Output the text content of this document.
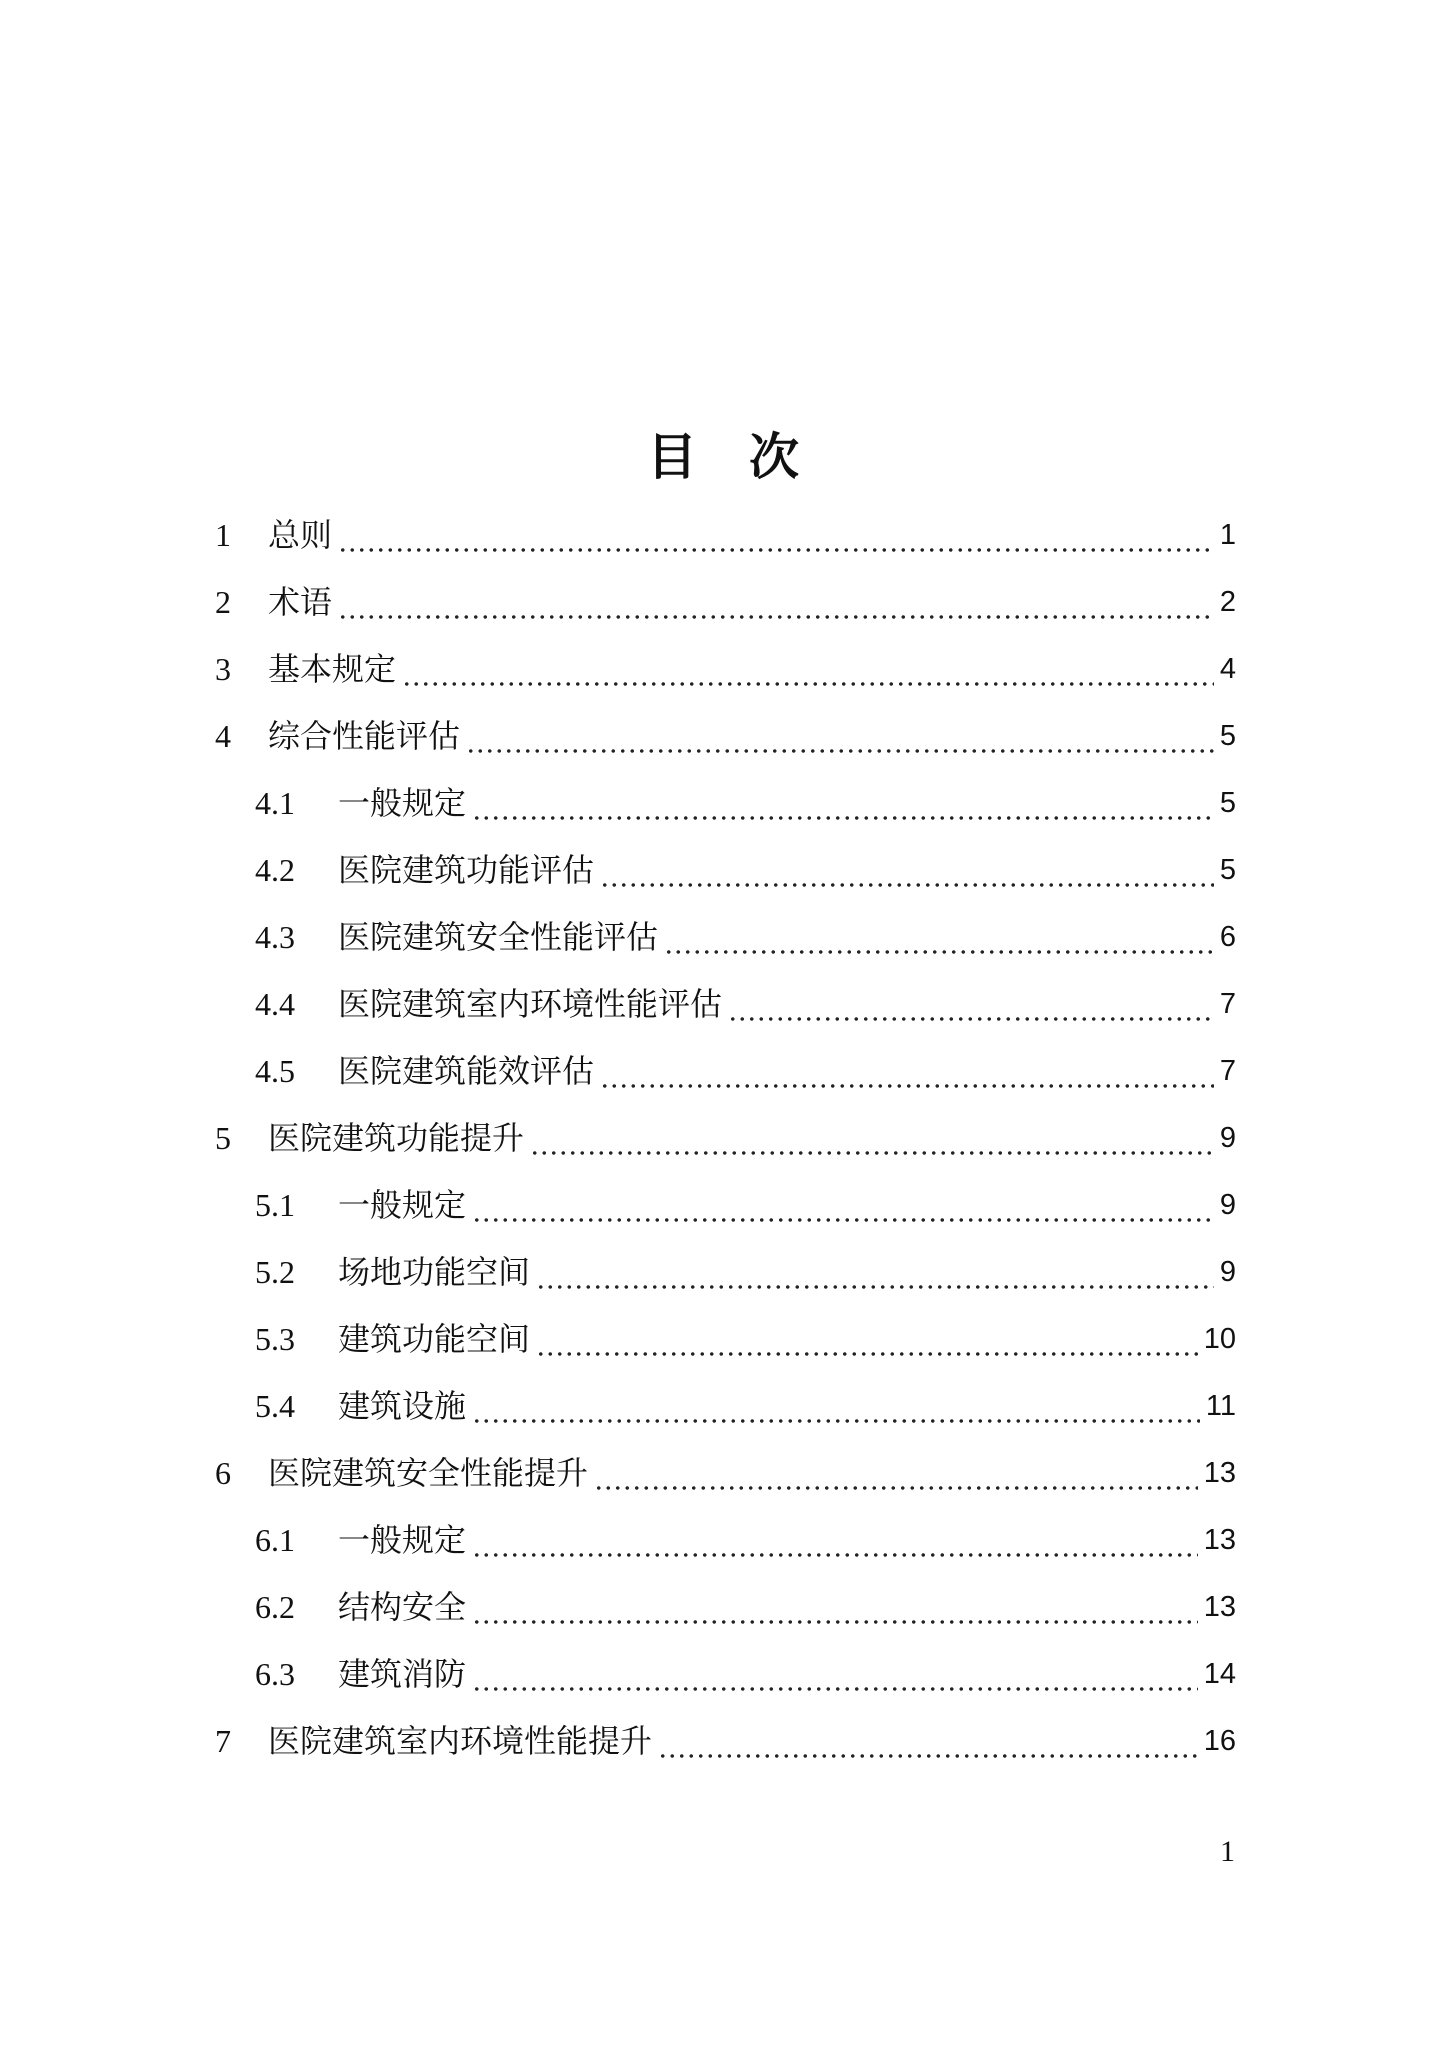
目次
1	总则	1
2	术语	2
3	基本规定	4
4	综合性能评估	5
4.1	一般规定	5
4.2	医院建筑功能评估	5
4.3	医院建筑安全性能评估	6
4.4	医院建筑室内环境性能评估	7
4.5	医院建筑能效评估	7
5	医院建筑功能提升	9
5.1	一般规定	9
5.2	场地功能空间	9
5.3	建筑功能空间	10
5.4	建筑设施	11
6	医院建筑安全性能提升	13
6.1	一般规定	13
6.2	结构安全	13
6.3	建筑消防	14
7	医院建筑室内环境性能提升	16
1
